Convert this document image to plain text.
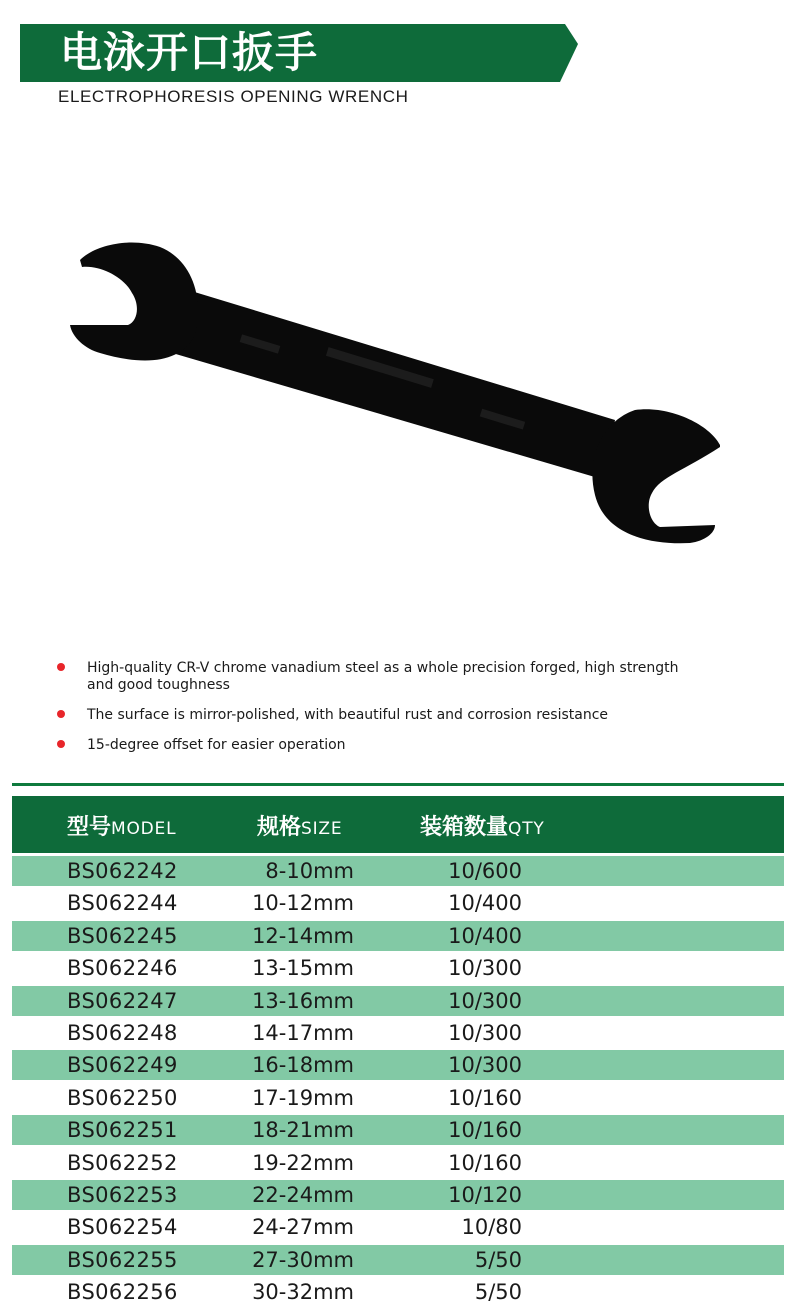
电泳开口扳手
ELECTROPHORESIS OPENING WRENCH
High-quality CR-V chrome vanadium steel as a whole precision forged, high strength and good toughness
The surface is mirror-polished, with beautiful rust and corrosion resistance
15-degree offset for easier operation
型号MODEL	规格SIZE	装箱数量QTY
BS062242	8-10mm	10/600
BS062244	10-12mm	10/400
BS062245	12-14mm	10/400
BS062246	13-15mm	10/300
BS062247	13-16mm	10/300
BS062248	14-17mm	10/300
BS062249	16-18mm	10/300
BS062250	17-19mm	10/160
BS062251	18-21mm	10/160
BS062252	19-22mm	10/160
BS062253	22-24mm	10/120
BS062254	24-27mm	10/80
BS062255	27-30mm	5/50
BS062256	30-32mm	5/50
